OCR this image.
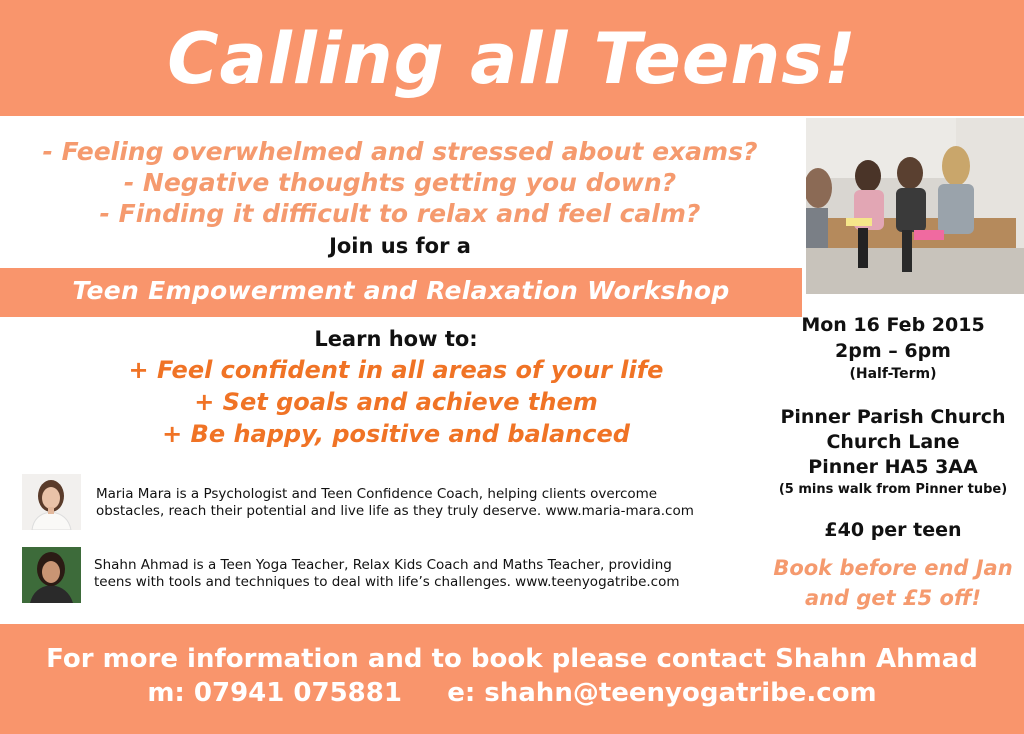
Calling all Teens!
- Feeling overwhelmed and stressed about exams?
- Negative thoughts getting you down?
- Finding it difficult to relax and feel calm?
Join us for a
Teen Empowerment and Relaxation Workshop
Learn how to:
+ Feel confident in all areas of your life
+ Set goals and achieve them
+ Be happy, positive and balanced
Maria Mara is a Psychologist and Teen Confidence Coach, helping clients overcome
obstacles, reach their potential and live life as they truly deserve. www.maria-mara.com
Shahn Ahmad is a Teen Yoga Teacher, Relax Kids Coach and Maths Teacher, providing
teens with tools and techniques to deal with life’s challenges. www.teenyogatribe.com
Mon 16 Feb 2015
2pm – 6pm
(Half-Term)
Pinner Parish Church
Church Lane
Pinner HA5 3AA
(5 mins walk from Pinner tube)
£40 per teen
Book before end Jan
and get £5 off!
For more information and to book please contact Shahn Ahmad
m: 07941 075881     e: shahn@teenyogatribe.com
